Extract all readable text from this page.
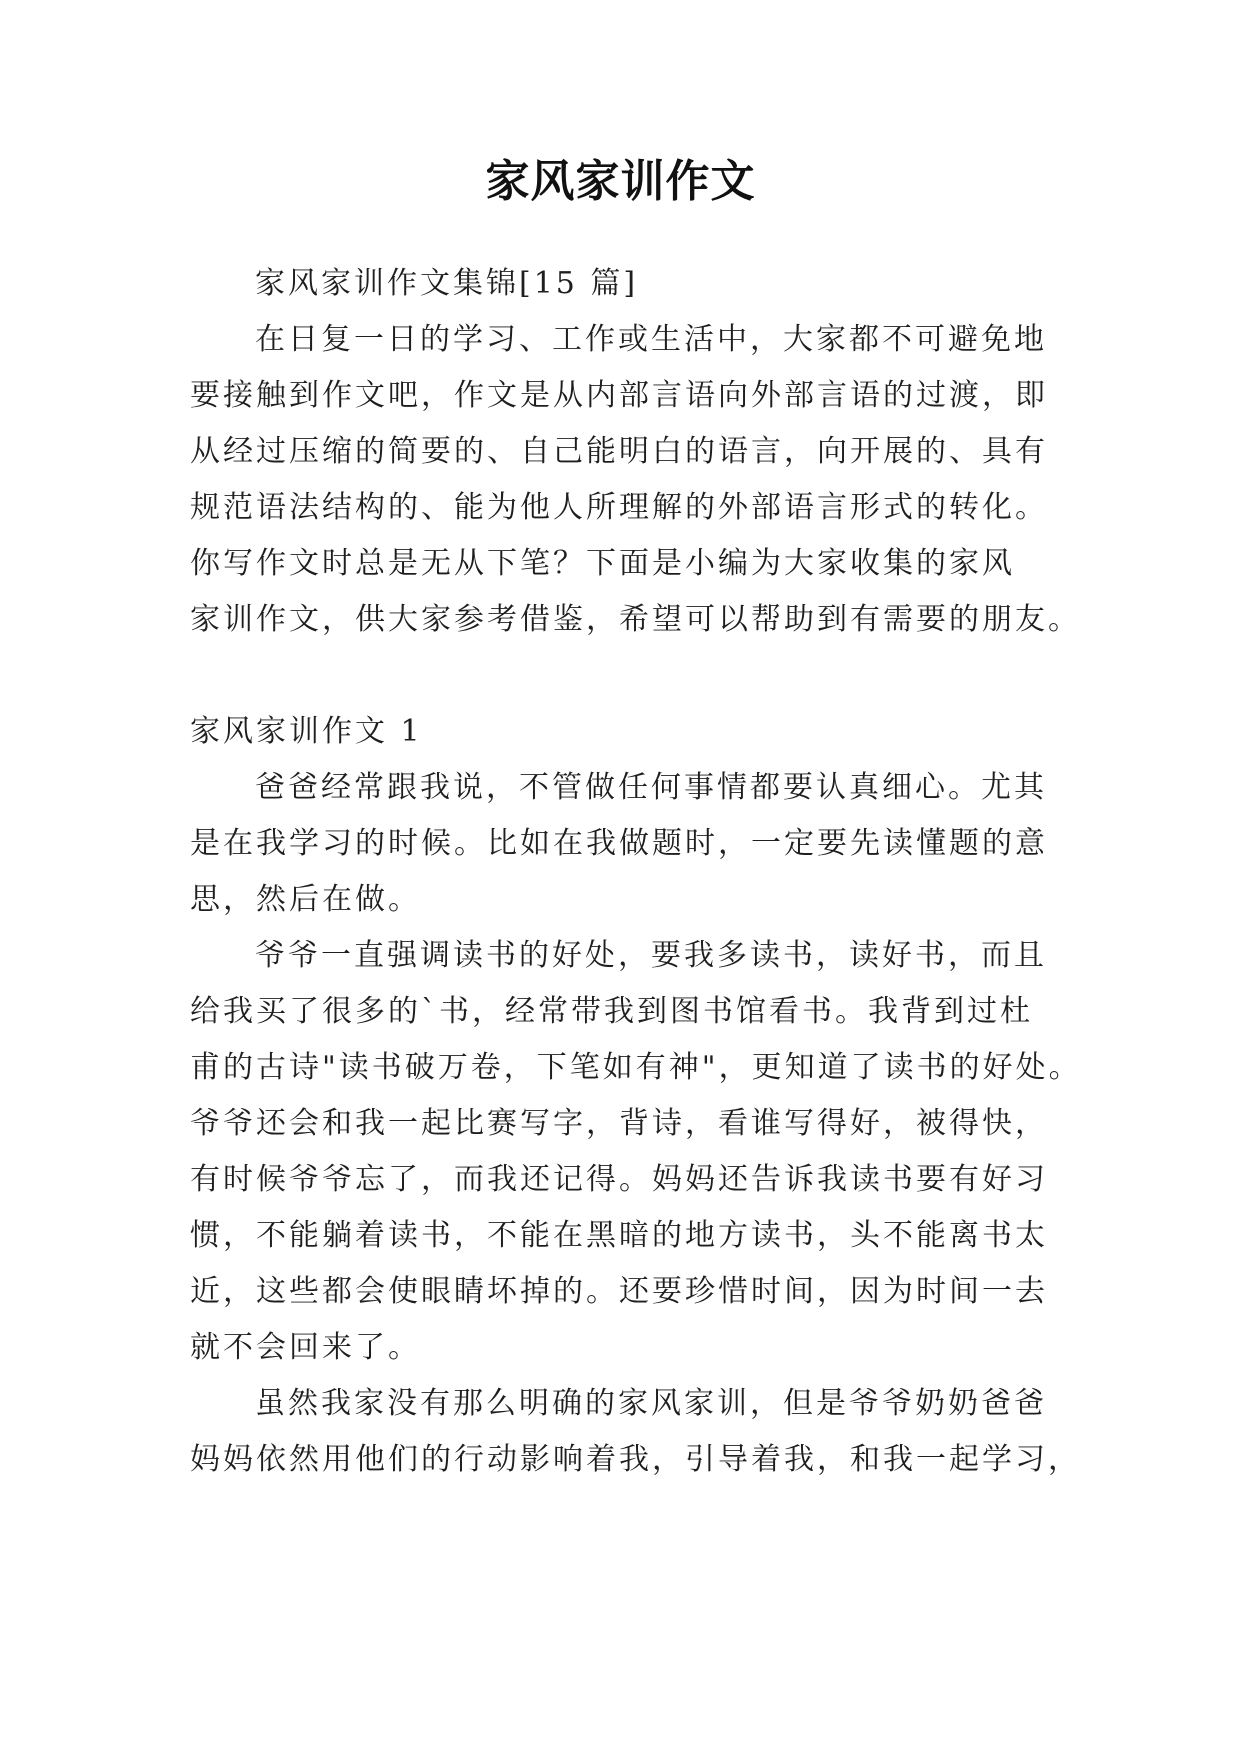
家风家训作文
家风家训作文集锦[15 篇]
在日复一日的学习、工作或生活中，大家都不可避免地
要接触到作文吧，作文是从内部言语向外部言语的过渡，即
从经过压缩的简要的、自己能明白的语言，向开展的、具有
规范语法结构的、能为他人所理解的外部语言形式的转化。
你写作文时总是无从下笔？下面是小编为大家收集的家风
家训作文，供大家参考借鉴，希望可以帮助到有需要的朋友。
家风家训作文 1
爸爸经常跟我说，不管做任何事情都要认真细心。尤其
是在我学习的时候。比如在我做题时，一定要先读懂题的意
思，然后在做。
爷爷一直强调读书的好处，要我多读书，读好书，而且
给我买了很多的`书，经常带我到图书馆看书。我背到过杜
甫的古诗"读书破万卷，下笔如有神"，更知道了读书的好处。
爷爷还会和我一起比赛写字，背诗，看谁写得好，被得快，
有时候爷爷忘了，而我还记得。妈妈还告诉我读书要有好习
惯，不能躺着读书，不能在黑暗的地方读书，头不能离书太
近，这些都会使眼睛坏掉的。还要珍惜时间，因为时间一去
就不会回来了。
虽然我家没有那么明确的家风家训，但是爷爷奶奶爸爸
妈妈依然用他们的行动影响着我，引导着我，和我一起学习，
